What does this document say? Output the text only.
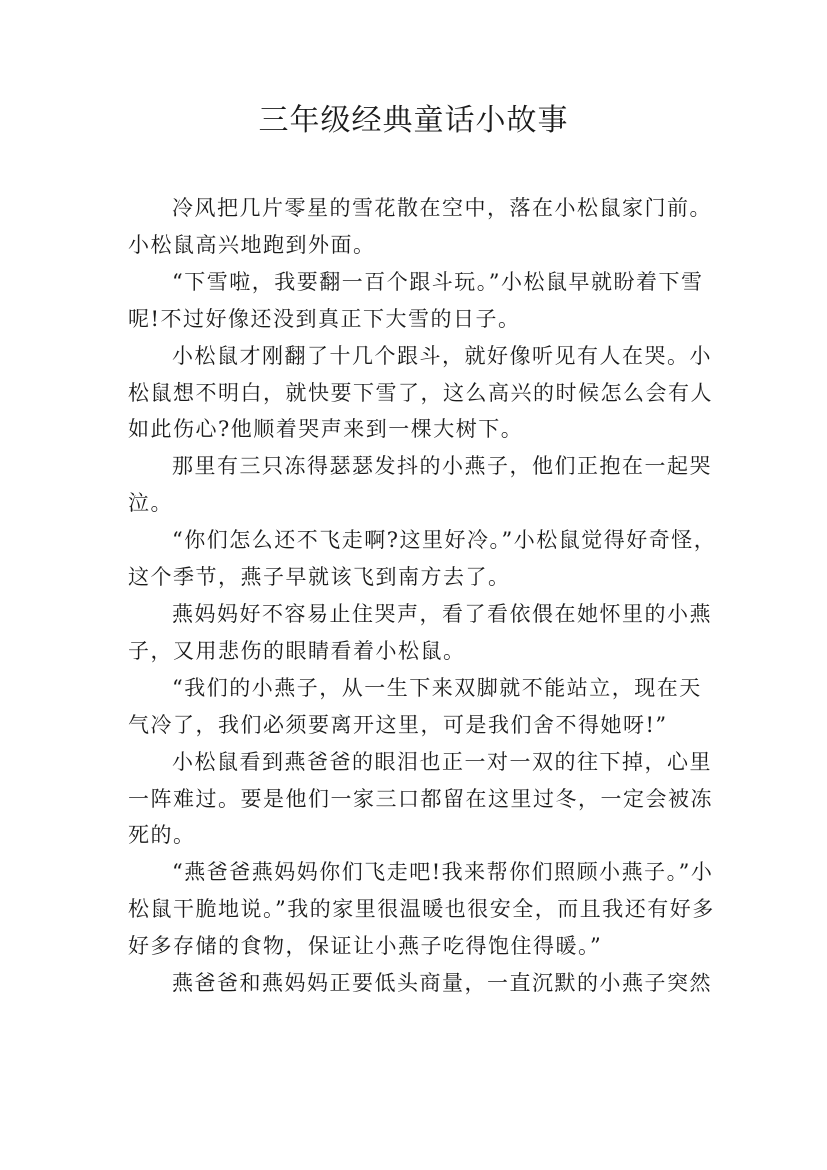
三年级经典童话小故事

冷风把几片零星的雪花散在空中，落在小松鼠家门前。小松鼠高兴地跑到外面。

“下雪啦，我要翻一百个跟斗玩。”小松鼠早就盼着下雪呢!不过好像还没到真正下大雪的日子。

小松鼠才刚翻了十几个跟斗，就好像听见有人在哭。小松鼠想不明白，就快要下雪了，这么高兴的时候怎么会有人如此伤心?他顺着哭声来到一棵大树下。

那里有三只冻得瑟瑟发抖的小燕子，他们正抱在一起哭泣。

“你们怎么还不飞走啊?这里好冷。”小松鼠觉得好奇怪，这个季节，燕子早就该飞到南方去了。

燕妈妈好不容易止住哭声，看了看依偎在她怀里的小燕子，又用悲伤的眼睛看着小松鼠。

“我们的小燕子，从一生下来双脚就不能站立，现在天气冷了，我们必须要离开这里，可是我们舍不得她呀!”

小松鼠看到燕爸爸的眼泪也正一对一双的往下掉，心里一阵难过。要是他们一家三口都留在这里过冬，一定会被冻死的。

“燕爸爸燕妈妈你们飞走吧!我来帮你们照顾小燕子。”小松鼠干脆地说。”我的家里很温暖也很安全，而且我还有好多好多存储的食物，保证让小燕子吃得饱住得暖。”

燕爸爸和燕妈妈正要低头商量，一直沉默的小燕子突然
